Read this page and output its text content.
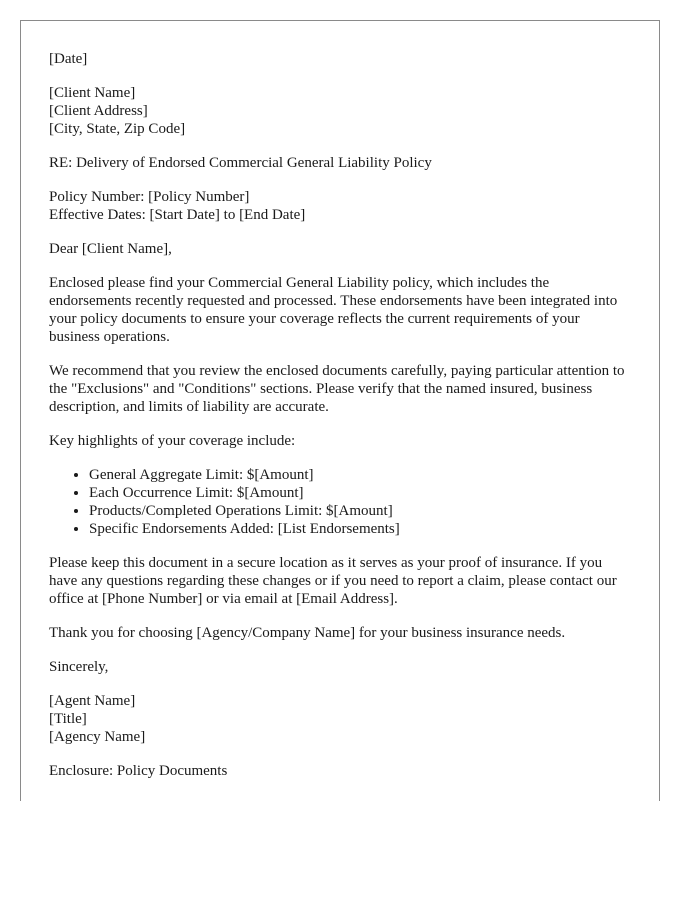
[Date]

[Client Name]
[Client Address]
[City, State, Zip Code]

RE: Delivery of Endorsed Commercial General Liability Policy

Policy Number: [Policy Number]
Effective Dates: [Start Date] to [End Date]

Dear [Client Name],

Enclosed please find your Commercial General Liability policy, which includes the endorsements recently requested and processed. These endorsements have been integrated into your policy documents to ensure your coverage reflects the current requirements of your business operations.

We recommend that you review the enclosed documents carefully, paying particular attention to the "Exclusions" and "Conditions" sections. Please verify that the named insured, business description, and limits of liability are accurate.

Key highlights of your coverage include:

• General Aggregate Limit: $[Amount]
• Each Occurrence Limit: $[Amount]
• Products/Completed Operations Limit: $[Amount]
• Specific Endorsements Added: [List Endorsements]

Please keep this document in a secure location as it serves as your proof of insurance. If you have any questions regarding these changes or if you need to report a claim, please contact our office at [Phone Number] or via email at [Email Address].

Thank you for choosing [Agency/Company Name] for your business insurance needs.

Sincerely,

[Agent Name]
[Title]
[Agency Name]

Enclosure: Policy Documents
